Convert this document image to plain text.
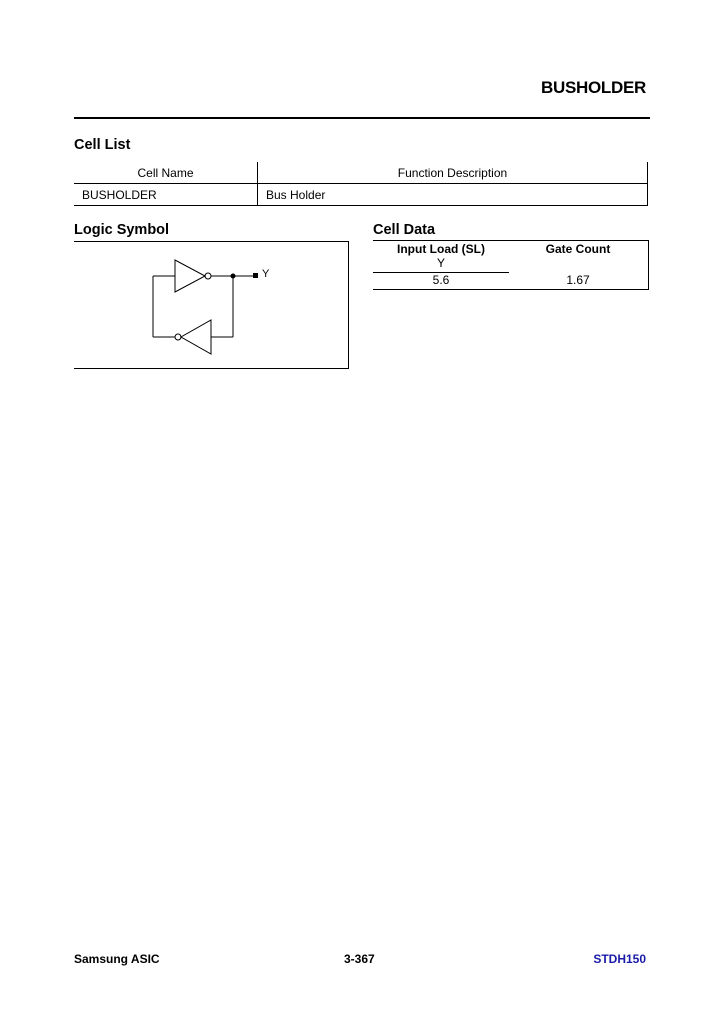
BUSHOLDER
Cell List
Cell Name	Function Description
BUSHOLDER	Bus Holder
Logic Symbol
Y
Cell Data
Input Load (SL)	Gate Count
Y
5.6	1.67
Samsung ASIC	3-367	STDH150
